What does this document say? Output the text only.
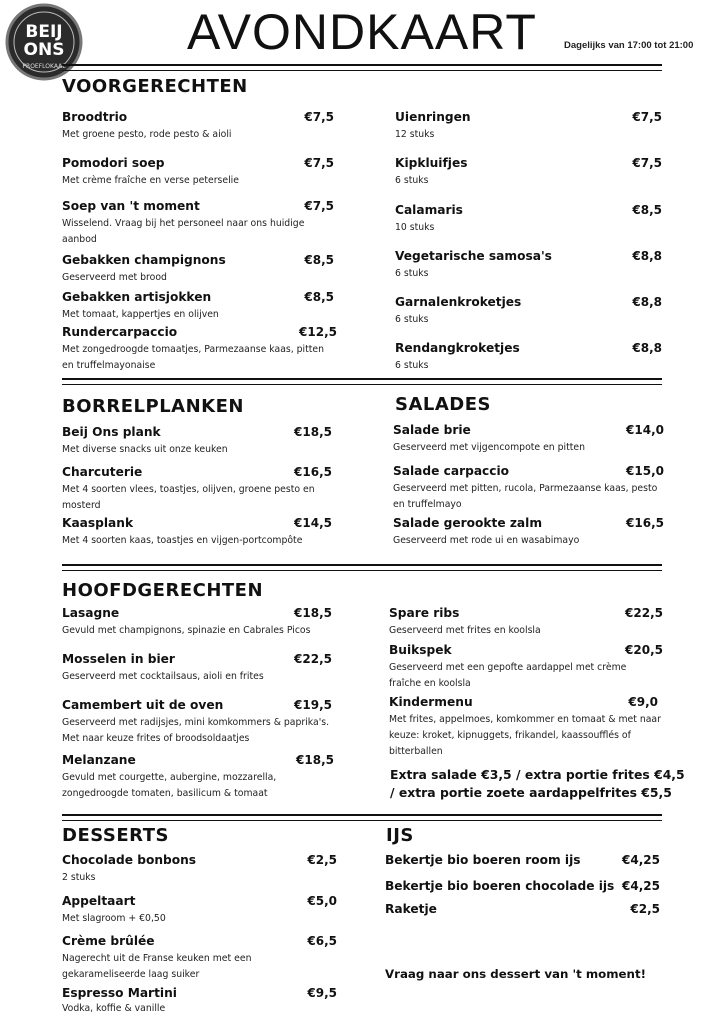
BEIJ
ONS
PROEFLOKAAL
AVONDKAART	Dagelijks van 17:00 tot 21:00
VOORGERECHTEN
Broodtrio	€7,5
Met groene pesto, rode pesto & aioli
Pomodori soep	€7,5
Met crème fraîche en verse peterselie
Soep van 't moment	€7,5
Wisselend. Vraag bij het personeel naar ons huidige aanbod
Gebakken champignons	€8,5
Geserveerd met brood
Gebakken artisjokken	€8,5
Met tomaat, kappertjes en olijven
Rundercarpaccio	€12,5
Met zongedroogde tomaatjes, Parmezaanse kaas, pitten en truffelmayonaise
Uienringen	€7,5
12 stuks
Kipkluifjes	€7,5
6 stuks
Calamaris	€8,5
10 stuks
Vegetarische samosa's	€8,8
6 stuks
Garnalenkroketjes	€8,8
6 stuks
Rendangkroketjes	€8,8
6 stuks
BORRELPLANKEN
Beij Ons plank	€18,5
Met diverse snacks uit onze keuken
Charcuterie	€16,5
Met 4 soorten vlees, toastjes, olijven, groene pesto en mosterd
Kaasplank	€14,5
Met 4 soorten kaas, toastjes en vijgen-portcompôte
SALADES
Salade brie	€14,0
Geserveerd met vijgencompote en pitten
Salade carpaccio	€15,0
Geserveerd met pitten, rucola, Parmezaanse kaas, pesto en truffelmayo
Salade gerookte zalm	€16,5
Geserveerd met rode ui en wasabimayo
HOOFDGERECHTEN
Lasagne	€18,5
Gevuld met champignons, spinazie en Cabrales Picos
Mosselen in bier	€22,5
Geserveerd met cocktailsaus, aioli en frites
Camembert uit de oven	€19,5
Geserveerd met radijsjes, mini komkommers & paprika's. Met naar keuze frites of broodsoldaatjes
Melanzane	€18,5
Gevuld met courgette, aubergine, mozzarella, zongedroogde tomaten, basilicum & tomaat
Spare ribs	€22,5
Geserveerd met frites en koolsla
Buikspek	€20,5
Geserveerd met een gepofte aardappel met crème fraîche en koolsla
Kindermenu	€9,0
Met frites, appelmoes, komkommer en tomaat & met naar keuze: kroket, kipnuggets, frikandel, kaassoufflés of bitterballen
Extra salade €3,5 / extra portie frites €4,5 / extra portie zoete aardappelfrites €5,5
DESSERTS
Chocolade bonbons	€2,5
2 stuks
Appeltaart	€5,0
Met slagroom + €0,50
Crème brûlée	€6,5
Nagerecht uit de Franse keuken met een gekarameliseerde laag suiker
Espresso Martini	€9,5
Vodka, koffie & vanille
IJS
Bekertje bio boeren room ijs	€4,25
Bekertje bio boeren chocolade ijs €4,25
Raketje	€2,5
Vraag naar ons dessert van 't moment!
